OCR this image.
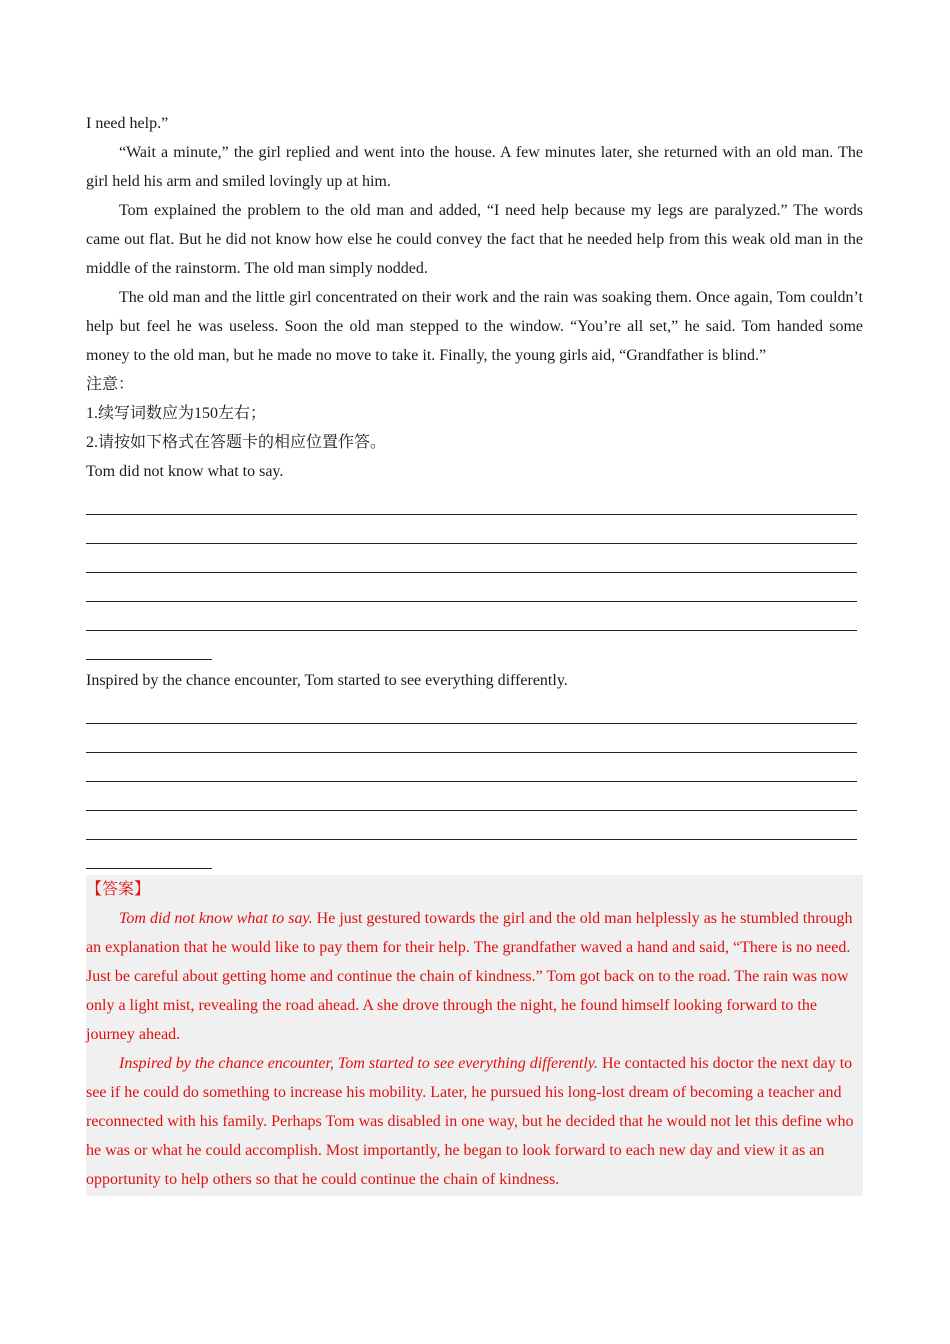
I need help.”

“Wait a minute,” the girl replied and went into the house. A few minutes later, she returned with an old man. The girl held his arm and smiled lovingly up at him.

Tom explained the problem to the old man and added, “I need help because my legs are paralyzed.” The words came out flat. But he did not know how else he could convey the fact that he needed help from this weak old man in the middle of the rainstorm. The old man simply nodded.

The old man and the little girl concentrated on their work and the rain was soaking them. Once again, Tom couldn’t help but feel he was useless. Soon the old man stepped to the window. “You’re all set,” he said. Tom handed some money to the old man, but he made no move to take it. Finally, the young girls aid, “Grandfather is blind.”

注意：

1.续写词数应为150左右；

2.请按如下格式在答题卡的相应位置作答。

Tom did not know what to say.

Inspired by the chance encounter, Tom started to see everything differently.

【答案】

Tom did not know what to say. He just gestured towards the girl and the old man helplessly as he stumbled through an explanation that he would like to pay them for their help. The grandfather waved a hand and said, “There is no need. Just be careful about getting home and continue the chain of kindness.” Tom got back on to the road. The rain was now only a light mist, revealing the road ahead. A she drove through the night, he found himself looking forward to the journey ahead.

Inspired by the chance encounter, Tom started to see everything differently. He contacted his doctor the next day to see if he could do something to increase his mobility. Later, he pursued his long-lost dream of becoming a teacher and reconnected with his family. Perhaps Tom was disabled in one way, but he decided that he would not let this define who he was or what he could accomplish. Most importantly, he began to look forward to each new day and view it as an opportunity to help others so that he could continue the chain of kindness.
